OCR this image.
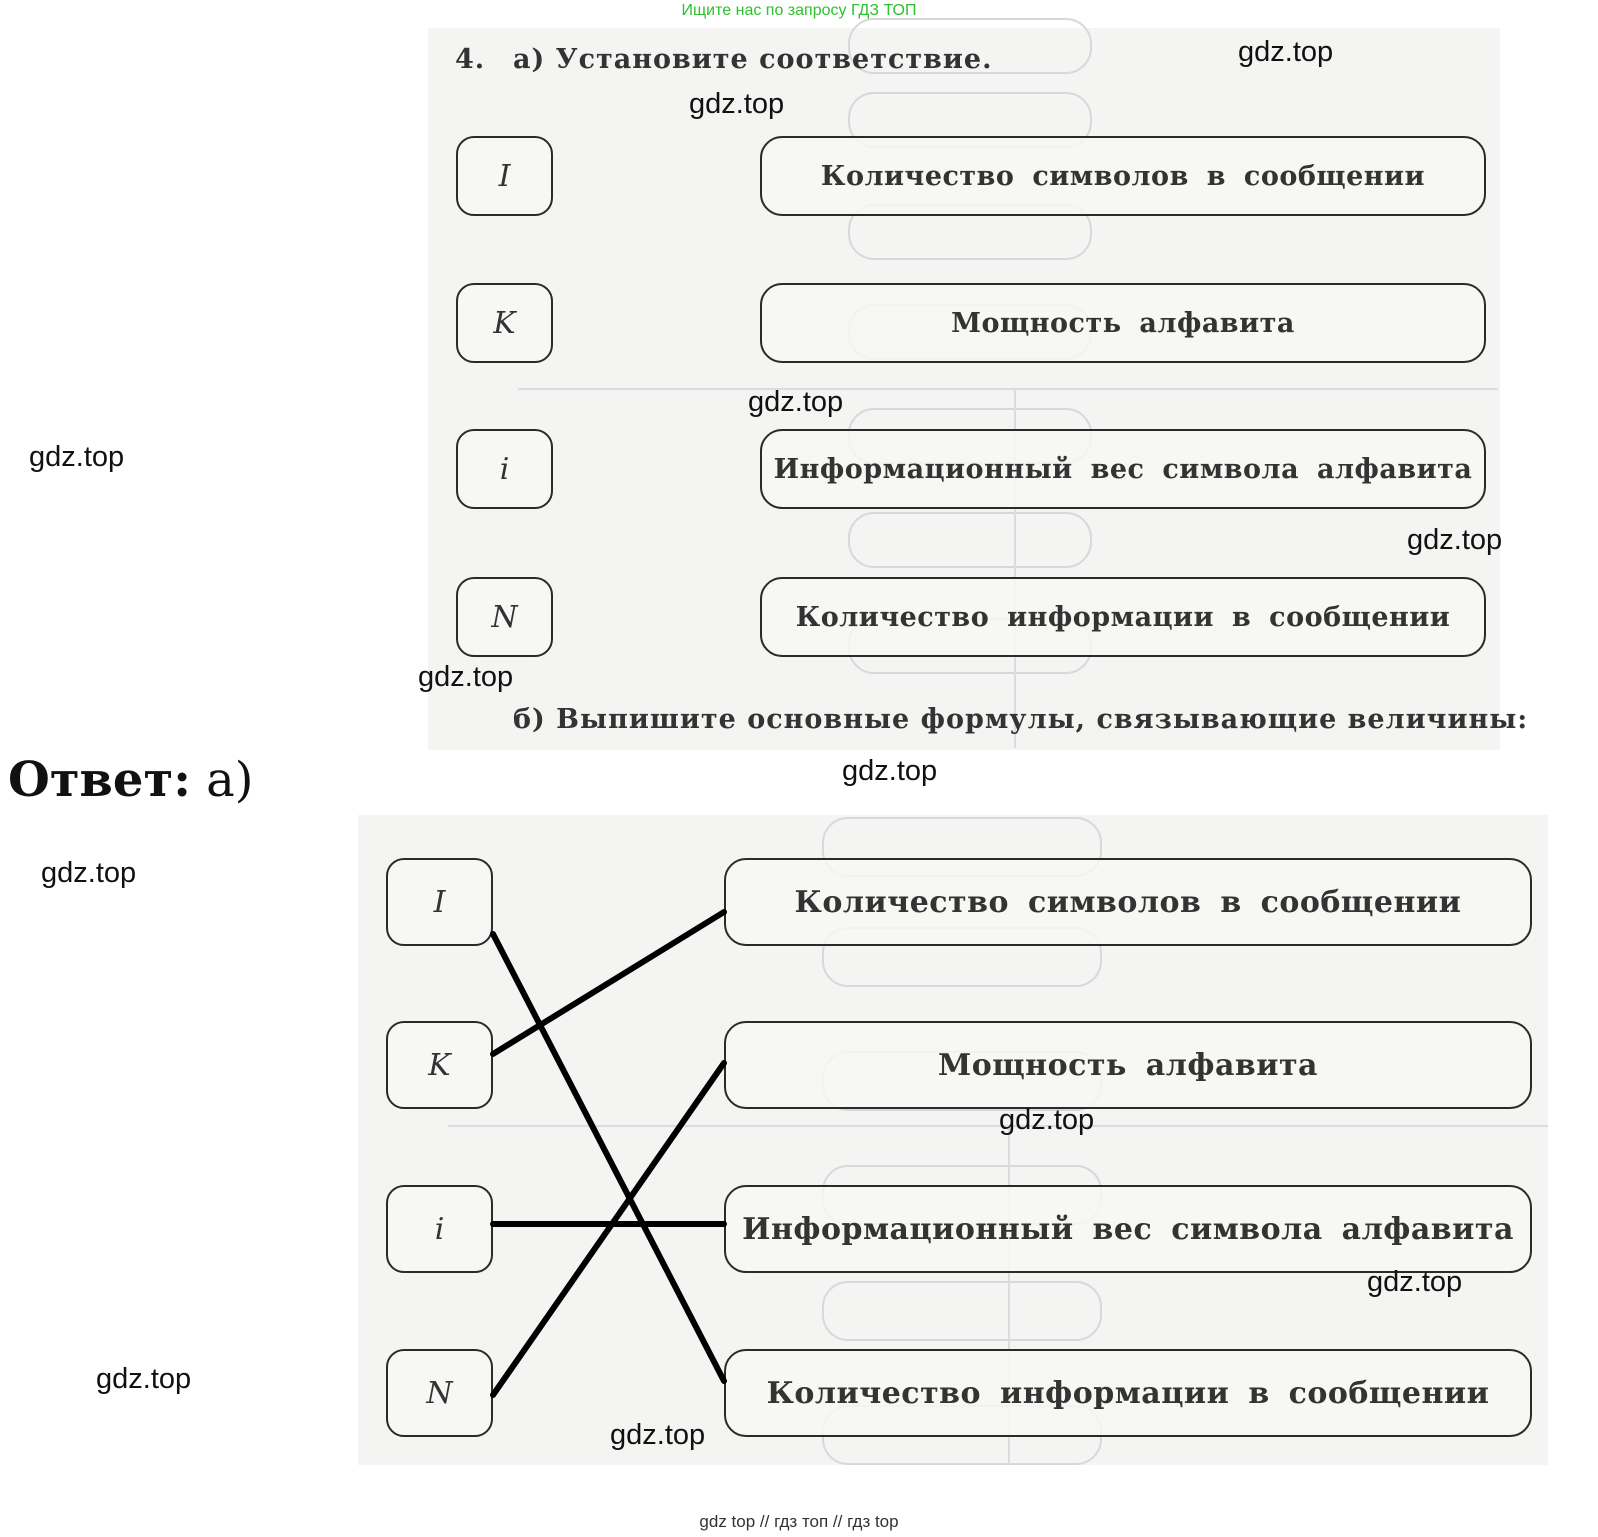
Ищите нас по запросу ГДЗ ТОП
4. а) Установите соответствие.
I
K
i
N
Количество символов в сообщении
Мощность алфавита
Информационный вес символа алфавита
Количество информации в сообщении
б) Выпишите основные формулы, связывающие величины:
Ответ: а)
I
K
i
N
Количество символов в сообщении
Мощность алфавита
Информационный вес символа алфавита
Количество информации в сообщении
gdz.top
gdz.top
gdz.top
gdz.top
gdz.top
gdz.top
gdz.top
gdz.top
gdz.top
gdz.top
gdz.top
gdz.top
gdz top // гдз топ // гдз top
